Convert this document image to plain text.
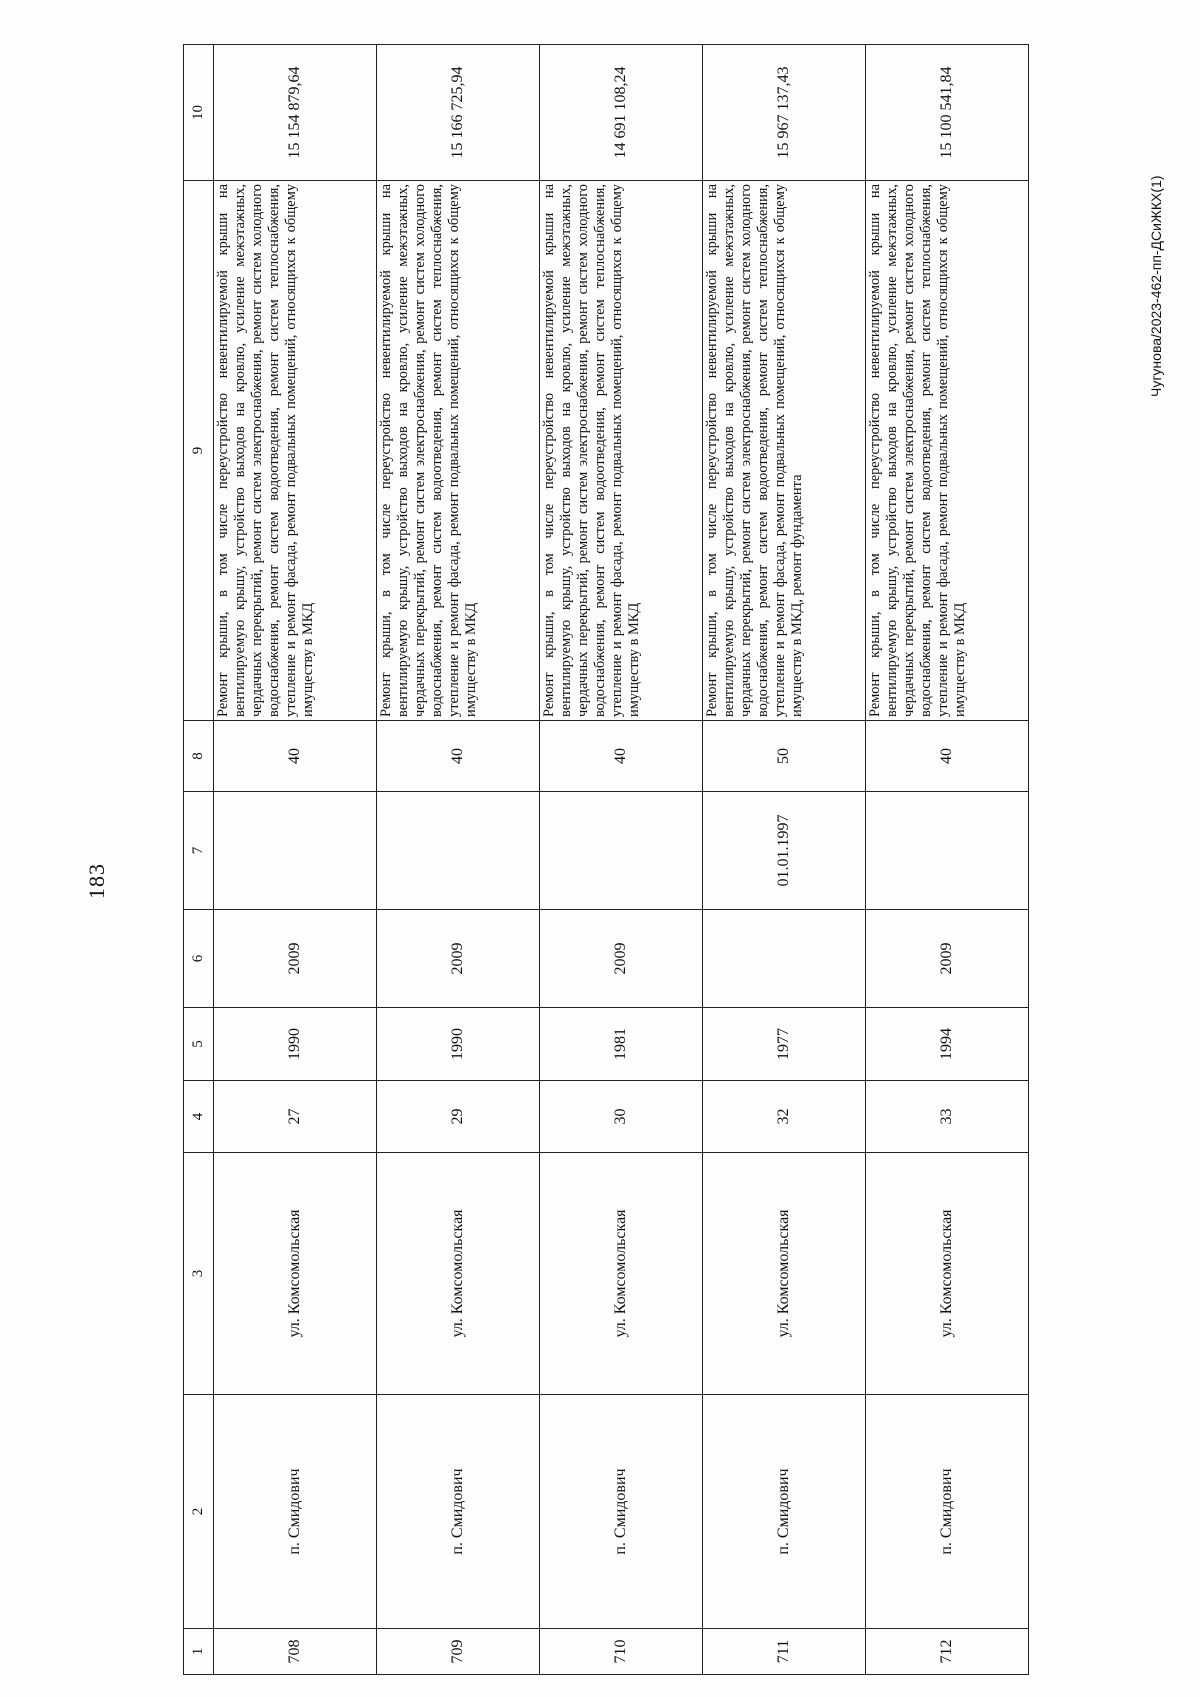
183
1	2	3	4	5	6	7	8	9	10
708	п. Смидович	ул. Комсомольская	27	1990	2009		40	Ремонт крыши, в том числе переустройство невентилируемой крыши на вентилируемую крышу, устройство выходов на кровлю, усиление межэтажных, чердачных перекрытий, ремонт систем электроснабжения, ремонт систем холодного водоснабжения, ремонт систем водоотведения, ремонт систем теплоснабжения, утепление и ремонт фасада, ремонт подвальных помещений, относящихся к общему имуществу в МКД	15 154 879,64
709	п. Смидович	ул. Комсомольская	29	1990	2009		40	Ремонт крыши, в том числе переустройство невентилируемой крыши на вентилируемую крышу, устройство выходов на кровлю, усиление межэтажных, чердачных перекрытий, ремонт систем электроснабжения, ремонт систем холодного водоснабжения, ремонт систем водоотведения, ремонт систем теплоснабжения, утепление и ремонт фасада, ремонт подвальных помещений, относящихся к общему имуществу в МКД	15 166 725,94
710	п. Смидович	ул. Комсомольская	30	1981	2009		40	Ремонт крыши, в том числе переустройство невентилируемой крыши на вентилируемую крышу, устройство выходов на кровлю, усиление межэтажных, чердачных перекрытий, ремонт систем электроснабжения, ремонт систем холодного водоснабжения, ремонт систем водоотведения, ремонт систем теплоснабжения, утепление и ремонт фасада, ремонт подвальных помещений, относящихся к общему имуществу в МКД	14 691 108,24
711	п. Смидович	ул. Комсомольская	32	1977		01.01.1997	50	Ремонт крыши, в том числе переустройство невентилируемой крыши на вентилируемую крышу, устройство выходов на кровлю, усиление межэтажных, чердачных перекрытий, ремонт систем электроснабжения, ремонт систем холодного водоснабжения, ремонт систем водоотведения, ремонт систем теплоснабжения, утепление и ремонт фасада, ремонт подвальных помещений, относящихся к общему имуществу в МКД, ремонт фундамента	15 967 137,43
712	п. Смидович	ул. Комсомольская	33	1994	2009		40	Ремонт крыши, в том числе переустройство невентилируемой крыши на вентилируемую крышу, устройство выходов на кровлю, усиление межэтажных, чердачных перекрытий, ремонт систем электроснабжения, ремонт систем холодного водоснабжения, ремонт систем водоотведения, ремонт систем теплоснабжения, утепление и ремонт фасада, ремонт подвальных помещений, относящихся к общему имуществу в МКД	15 100 541,84
Чугунова/2023-462-пп-ДСиЖКХ(1)
